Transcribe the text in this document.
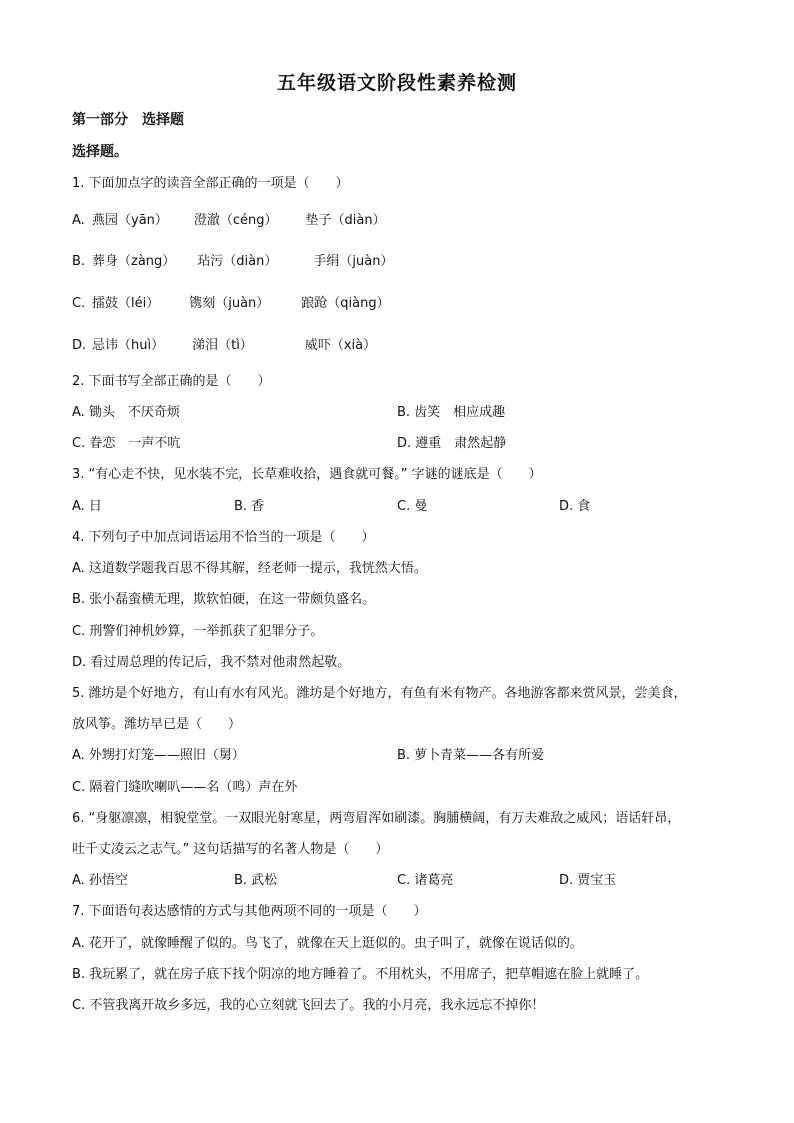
五年级语文阶段性素养检测
第一部分　选择题
选择题。
1. 下面加点字的读音全部正确的一项是（　　）
A. 燕园（yān） 澄澈（céng） 垫子（diàn）
B. 葬身（zàng） 玷污（diàn）	手绢（juàn）
C. 擂鼓（léi） 镌刻（juàn） 踉跄（qiàng）
D. 忌讳（huì） 涕泪（tì）	威吓（xià）
2. 下面书写全部正确的是（　　）
A. 锄头　不厌奇烦	B. 齿笑　相应成趣
C. 眷恋　一声不吭	D. 遵重　肃然起静
3. “有心走不快，见水装不完，长草难收拾，遇食就可餐。” 字谜的谜底是（　　）
A. 日	B. 香	C. 曼	D. 食
4. 下列句子中加点词语运用不恰当的一项是（　　）
A. 这道数学题我百思不得其解，经老师一提示，我恍然大悟。
B. 张小磊蛮横无理，欺软怕硬，在这一带颇负盛名。
C. 刑警们神机妙算，一举抓获了犯罪分子。
D. 看过周总理的传记后，我不禁对他肃然起敬。
5. 潍坊是个好地方，有山有水有风光。潍坊是个好地方，有鱼有米有物产。各地游客都来赏风景，尝美食，
放风筝。潍坊早已是（　　）
A. 外甥打灯笼——照旧（舅）	B. 萝卜青菜——各有所爱
C. 隔着门缝吹喇叭——名（鸣）声在外
6. “身躯凛凛，相貌堂堂。一双眼光射寒星，两弯眉浑如刷漆。胸脯横阔，有万夫难敌之威风；语话轩昂，
吐千丈凌云之志气。” 这句话描写的名著人物是（　　）
A. 孙悟空	B. 武松	C. 诸葛亮	D. 贾宝玉
7. 下面语句表达感情的方式与其他两项不同的一项是（　　）
A. 花开了，就像睡醒了似的。鸟飞了，就像在天上逛似的。虫子叫了，就像在说话似的。
B. 我玩累了，就在房子底下找个阴凉的地方睡着了。不用枕头，不用席子，把草帽遮在脸上就睡了。
C. 不管我离开故乡多远，我的心立刻就飞回去了。我的小月亮，我永远忘不掉你！
